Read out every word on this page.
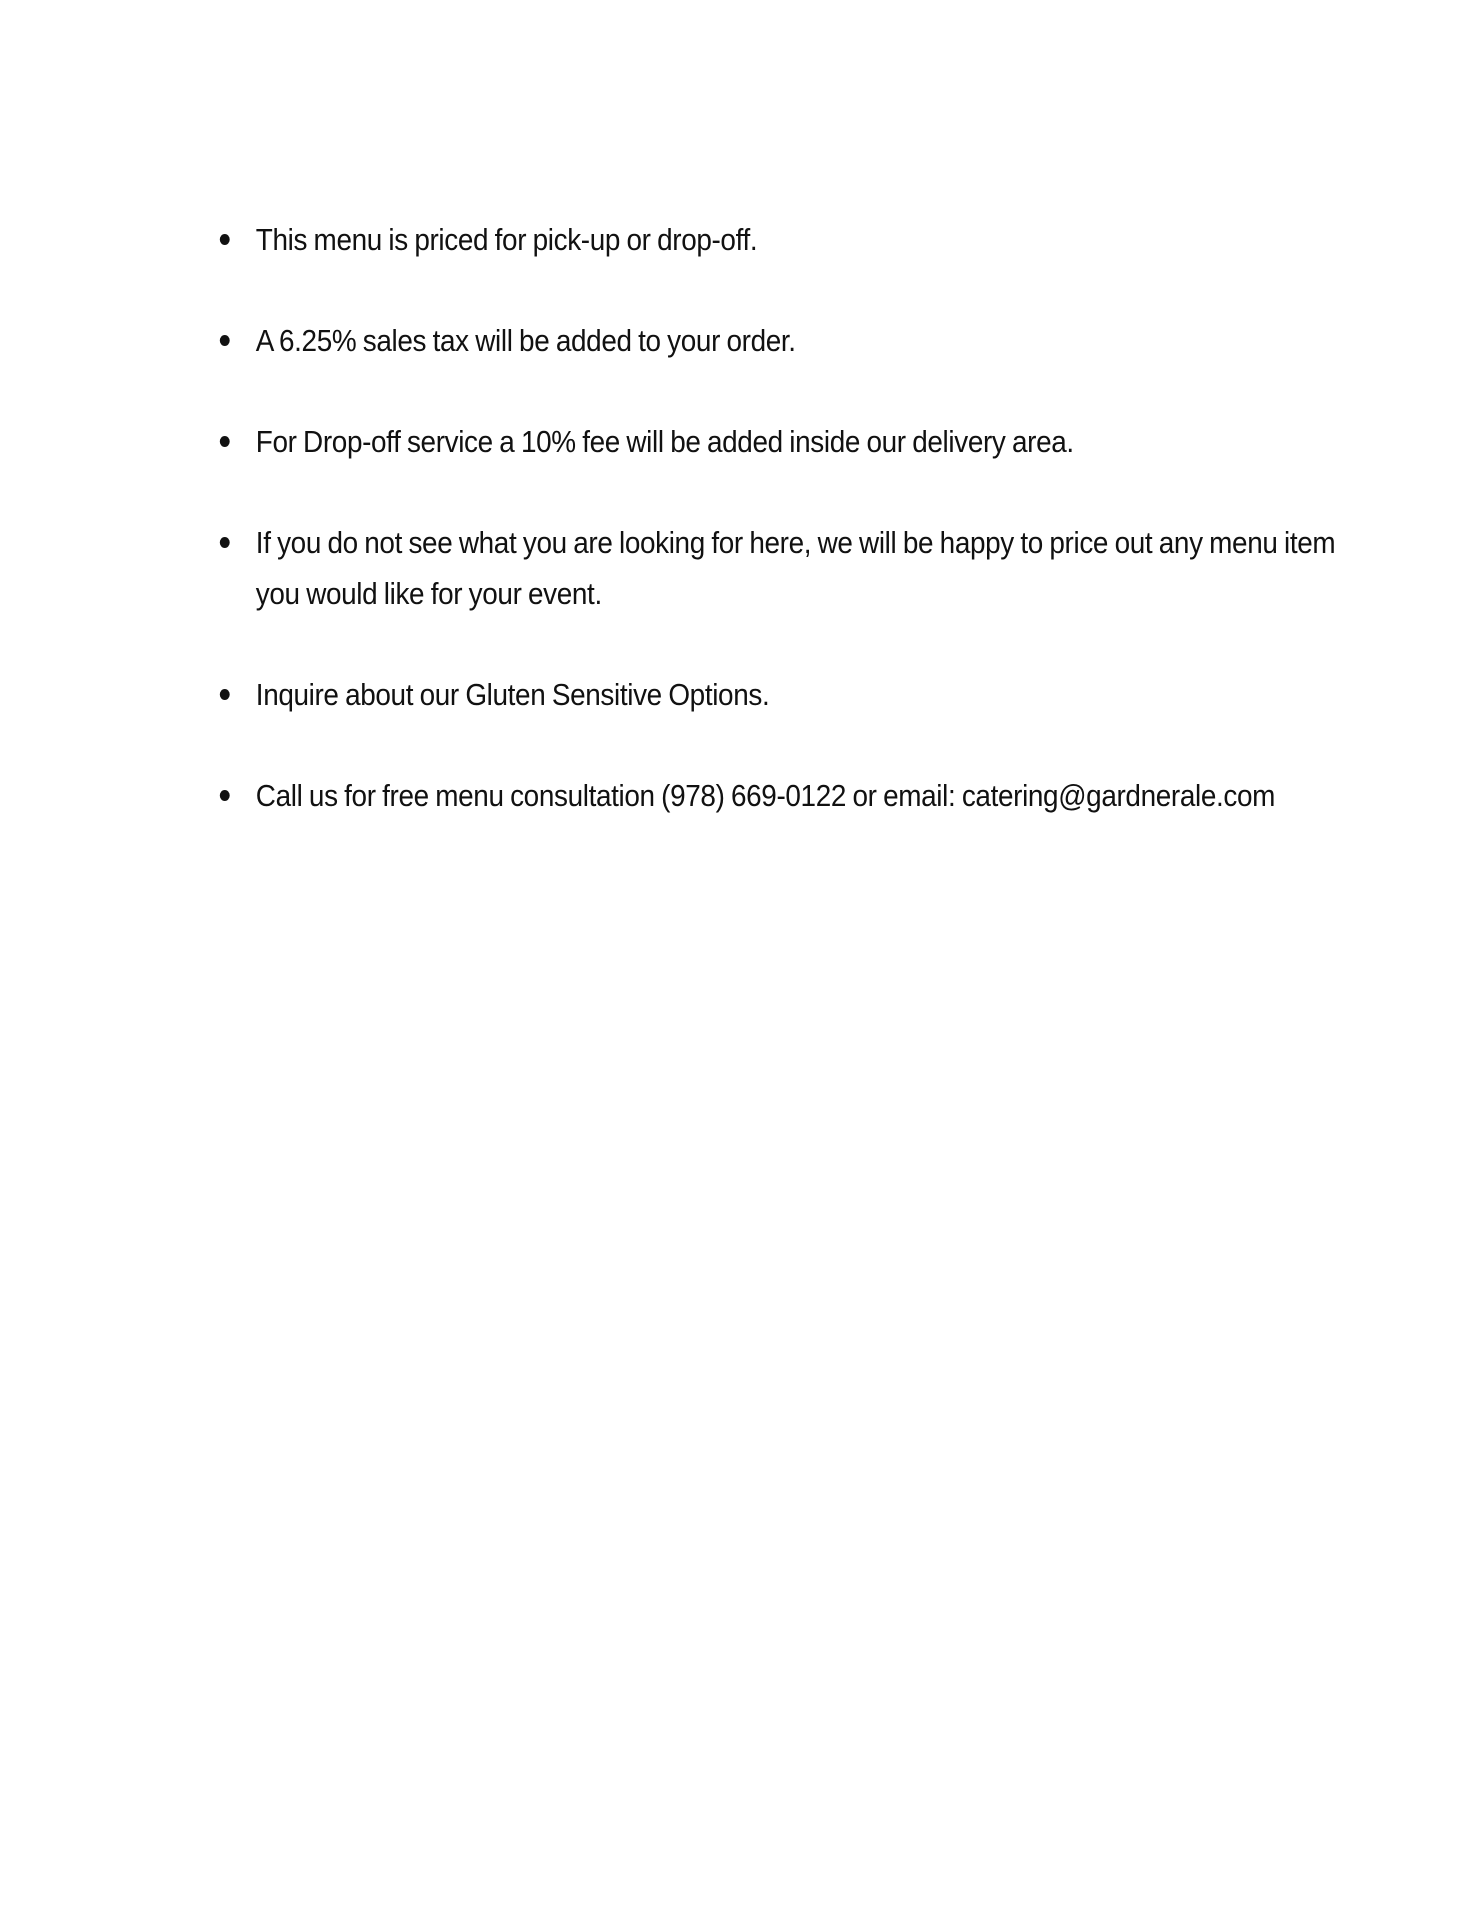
This menu is priced for pick-up or drop-off.
A 6.25% sales tax will be added to your order.
For Drop-off service a 10% fee will be added inside our delivery area.
If you do not see what you are looking for here, we will be happy to price out any menu item you would like for your event.
Inquire about our Gluten Sensitive Options.
Call us for free menu consultation (978) 669-0122 or email: catering@gardnerale.com
